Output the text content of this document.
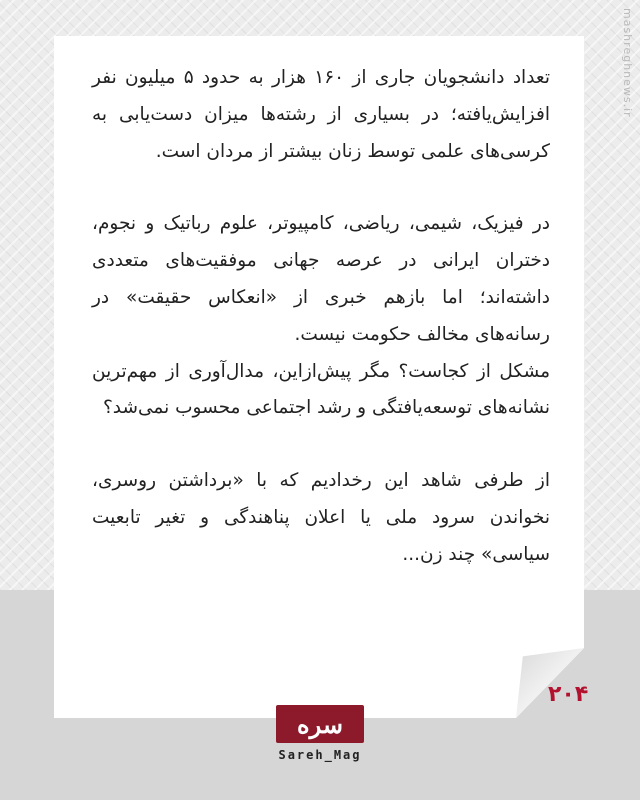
mashreghnews.ir

تعداد دانشجویان جاری از ۱۶۰ هزار به حدود ۵ میلیون نفر افزایش‌یافته؛ در بسیاری از رشته‌ها میزان دست‌یابی به کرسی‌های علمی توسط زنان بیشتر از مردان است.

در فیزیک، شیمی، ریاضی، کامپیوتر، علوم رباتیک و نجوم، دختران ایرانی در عرصه جهانی موفقیت‌های متعددی داشته‌اند؛ اما بازهم خبری از «انعکاس حقیقت» در رسانه‌های مخالف حکومت نیست.

مشکل از کجاست؟ مگر پیش‌ازاین، مدال‌آوری از مهم‌ترین نشانه‌های توسعه‌یافتگی و رشد اجتماعی محسوب نمی‌شد؟

از طرفی شاهد این رخدادیم که با «برداشتن روسری، نخواندن سرود ملی یا اعلان پناهندگی و تغیر تابعیت سیاسی» چند زن...

۲۰۴
سره
Sareh_Mag
